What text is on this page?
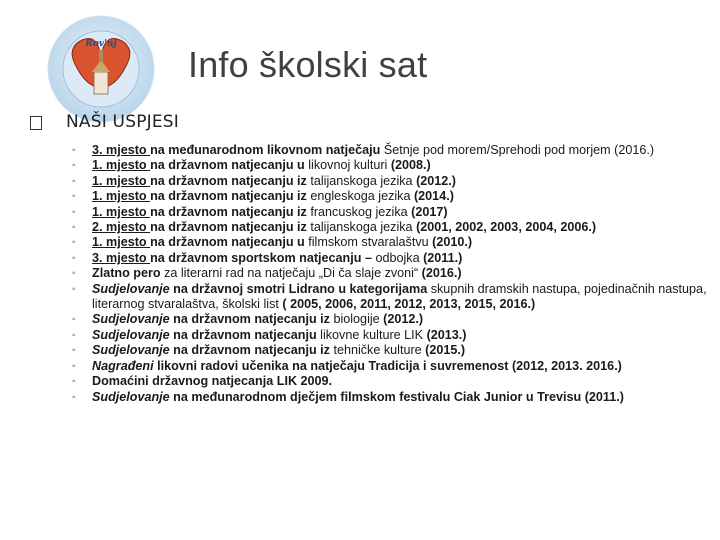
Rov'nj Info školski sat
NAŠI USPJESI
◦ 3. mjesto na međunarodnom likovnom natječaju Šetnje pod morem/Sprehodi pod morjem (2016.)
◦ 1. mjesto na državnom natjecanju u likovnoj kulturi (2008.)
◦ 1. mjesto na državnom natjecanju iz talijanskoga jezika (2012.)
◦ 1. mjesto na državnom natjecanju iz engleskoga jezika (2014.)
◦ 1. mjesto na državnom natjecanju iz francuskog jezika (2017)
◦ 2. mjesto na državnom natjecanju iz talijanskoga jezika (2001, 2002, 2003, 2004, 2006.)
◦ 1. mjesto na državnom natjecanju u filmskom stvaralaštvu (2010.)
◦ 3. mjesto na državnom sportskom natjecanju – odbojka (2011.)
◦ Zlatno pero za literarni rad na natječaju „Di ča slaje zvoni“ (2016.)
◦ Sudjelovanje na državnoj smotri Lidrano u kategorijama skupnih dramskih nastupa, pojedinačnih nastupa, literarnog stvaralaštva, školski list ( 2005, 2006, 2011, 2012, 2013, 2015, 2016.)
◦ Sudjelovanje na državnom natjecanju iz biologije (2012.)
◦ Sudjelovanje na državnom natjecanju likovne kulture LIK (2013.)
◦ Sudjelovanje na državnom natjecanju iz tehničke kulture (2015.)
◦ Nagrađeni likovni radovi učenika na natječaju Tradicija i suvremenost (2012, 2013. 2016.)
◦ Domaćini državnog natjecanja LIK 2009.
◦ Sudjelovanje na međunarodnom dječjem filmskom festivalu Ciak Junior u Trevisu (2011.)
